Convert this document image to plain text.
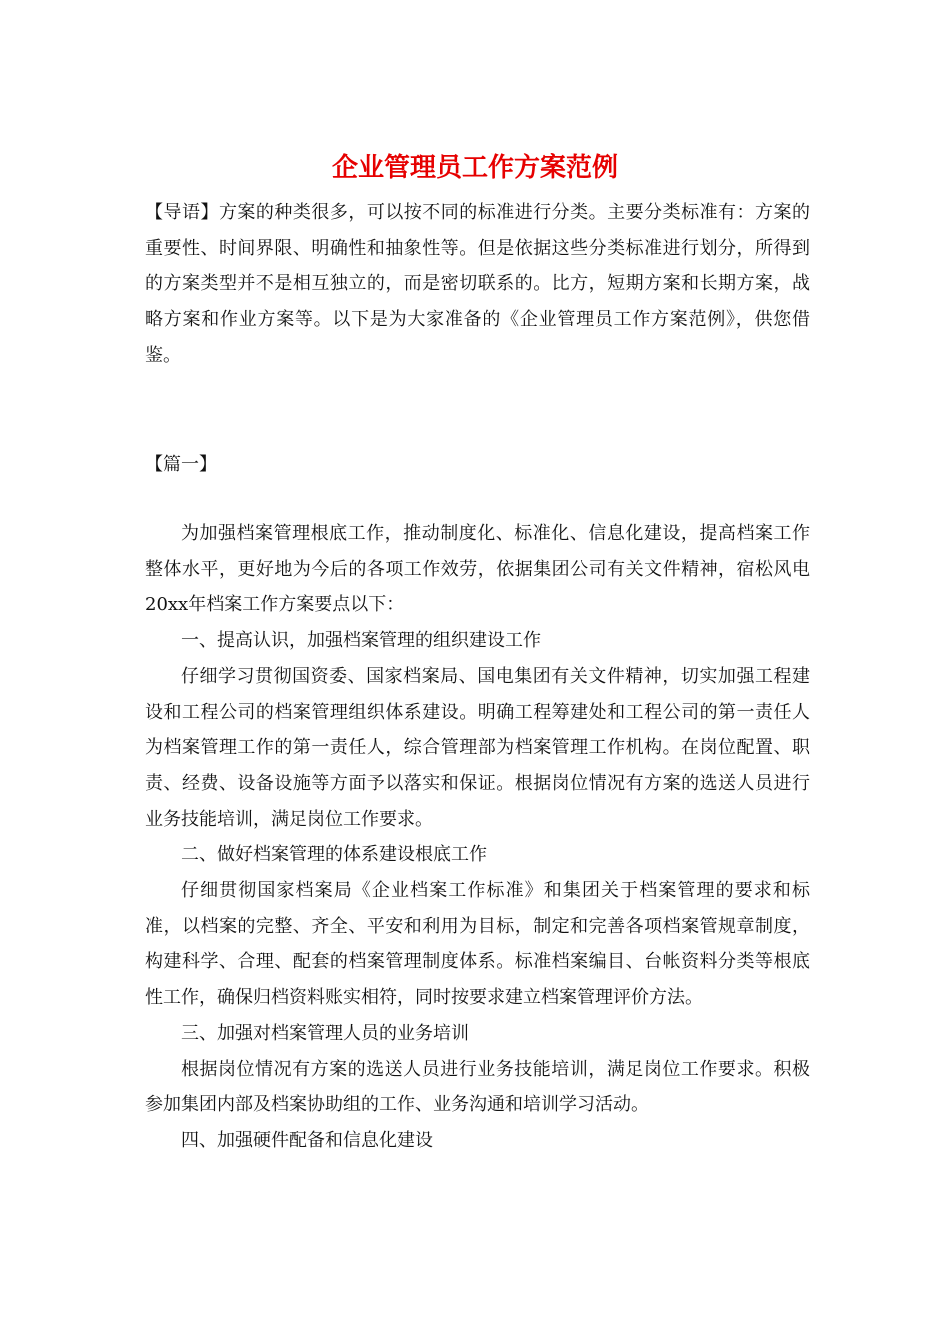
企业管理员工作方案范例

【导语】方案的种类很多，可以按不同的标准进行分类。主要分类标准有：方案的重要性、时间界限、明确性和抽象性等。但是依据这些分类标准进行划分，所得到的方案类型并不是相互独立的，而是密切联系的。比方，短期方案和长期方案，战略方案和作业方案等。以下是为大家准备的《企业管理员工作方案范例》，供您借鉴。

【篇一】

为加强档案管理根底工作，推动制度化、标准化、信息化建设，提高档案工作整体水平，更好地为今后的各项工作效劳，依据集团公司有关文件精神，宿松风电20xx年档案工作方案要点以下：

一、提高认识，加强档案管理的组织建设工作

仔细学习贯彻国资委、国家档案局、国电集团有关文件精神，切实加强工程建设和工程公司的档案管理组织体系建设。明确工程筹建处和工程公司的第一责任人为档案管理工作的第一责任人，综合管理部为档案管理工作机构。在岗位配置、职责、经费、设备设施等方面予以落实和保证。根据岗位情况有方案的选送人员进行业务技能培训，满足岗位工作要求。

二、做好档案管理的体系建设根底工作

仔细贯彻国家档案局《企业档案工作标准》和集团关于档案管理的要求和标准，以档案的完整、齐全、平安和利用为目标，制定和完善各项档案管规章制度，构建科学、合理、配套的档案管理制度体系。标准档案编目、台帐资料分类等根底性工作，确保归档资料账实相符，同时按要求建立档案管理评价方法。

三、加强对档案管理人员的业务培训

根据岗位情况有方案的选送人员进行业务技能培训，满足岗位工作要求。积极参加集团内部及档案协助组的工作、业务沟通和培训学习活动。

四、加强硬件配备和信息化建设
